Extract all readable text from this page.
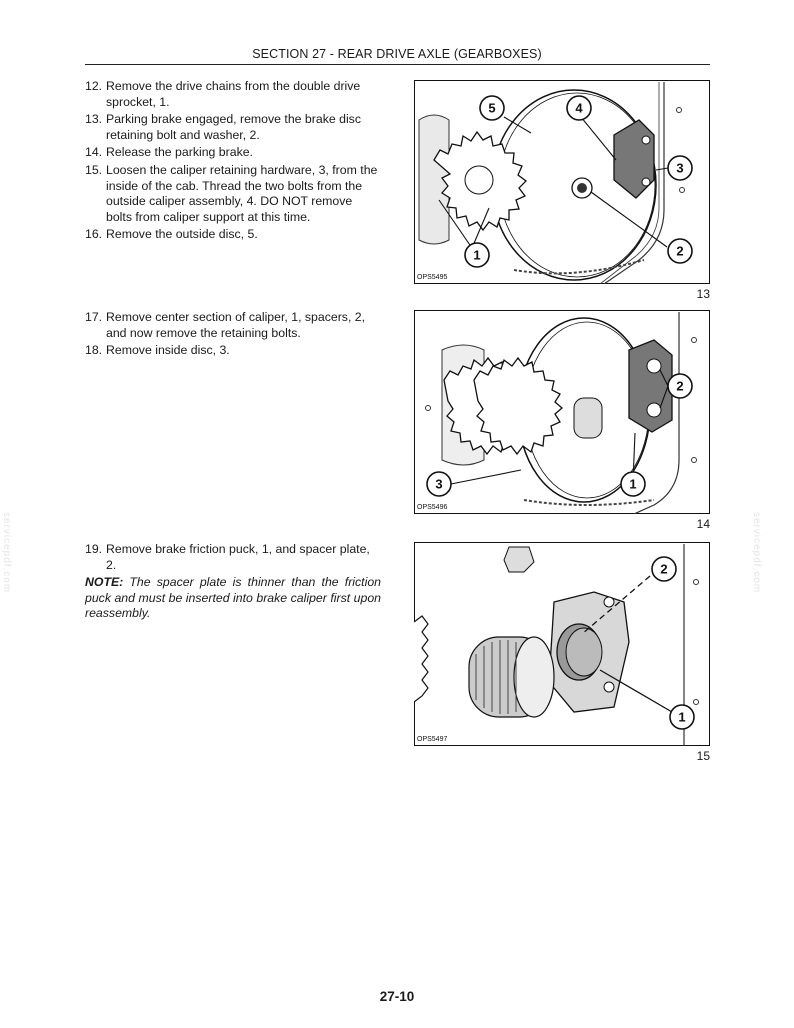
SECTION 27 - REAR DRIVE AXLE (GEARBOXES)
12. Remove the drive chains from the double drive sprocket, 1.
13. Parking brake engaged, remove the brake disc retaining bolt and washer, 2.
14. Release the parking brake.
15. Loosen the caliper retaining hardware, 3, from the inside of the cab. Thread the two bolts from the outside caliper assembly, 4. DO NOT remove bolts from caliper support at this time.
16. Remove the outside disc, 5.
17. Remove center section of caliper, 1, spacers, 2, and now remove the retaining bolts.
18. Remove inside disc, 3.
19. Remove brake friction puck, 1, and spacer plate, 2.
NOTE: The spacer plate is thinner than the friction puck and must be inserted into brake caliper first upon reassembly.
5	4
3
2
1
OPS5495
13
2
3	1
OPS5496
14
2
1
OPS5497
15
servicepdf.com	servicepdf.com
27-10
